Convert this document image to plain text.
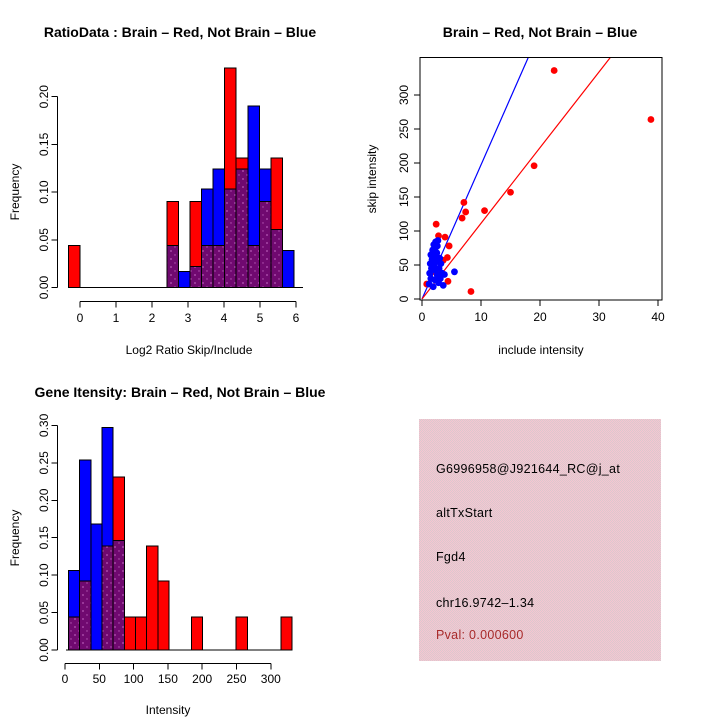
0.00
0.05
0.10
0.15
0.20
0 1 2 3 4 5 6
RatioData : Brain – Red, Not Brain – Blue
Log2 Ratio Skip/Include
Frequency
0	10	20	30	40
0
50
100
150
200
250
300
Brain – Red, Not Brain – Blue
include intensity
skip intensity
0.00
0.05
0.10
0.15
0.20
0.25
0.30
0 50 100 150 200 250 300
Gene Itensity: Brain – Red, Not Brain – Blue
Intensity
Frequency
G6996958@J921644_RC@j_at
altTxStart
Fgd4
chr16.9742–1.34
Pval: 0.000600
